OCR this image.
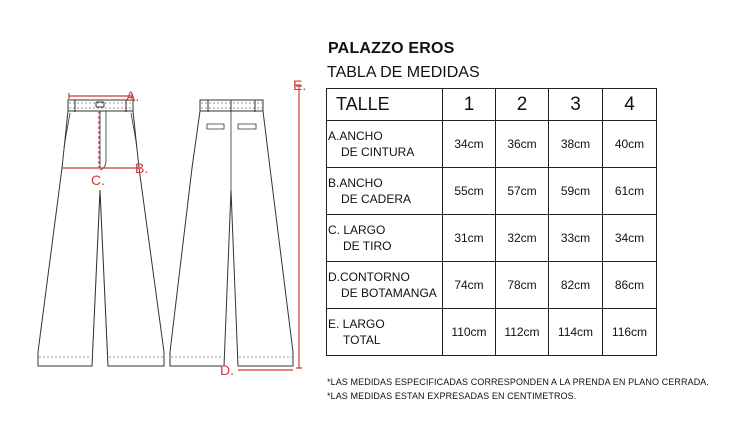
A.
B.
C.
D.
E.
PALAZZO EROS
TABLA DE MEDIDAS
TALLE	1	2	3	4

A.ANCHO
DE CINTURA	34cm	36cm	38cm	40cm

B.ANCHO
DE CADERA	55cm	57cm	59cm	61cm

C. LARGO
DE TIRO	31cm	32cm	33cm	34cm

D.CONTORNO
DE BOTAMANGA	74cm	78cm	82cm	86cm

E. LARGO
TOTAL	110cm	112cm	114cm	116cm
*LAS MEDIDAS ESPECIFICADAS CORRESPONDEN A LA PRENDA EN PLANO CERRADA.
*LAS MEDIDAS ESTAN EXPRESADAS EN CENTIMETROS.
